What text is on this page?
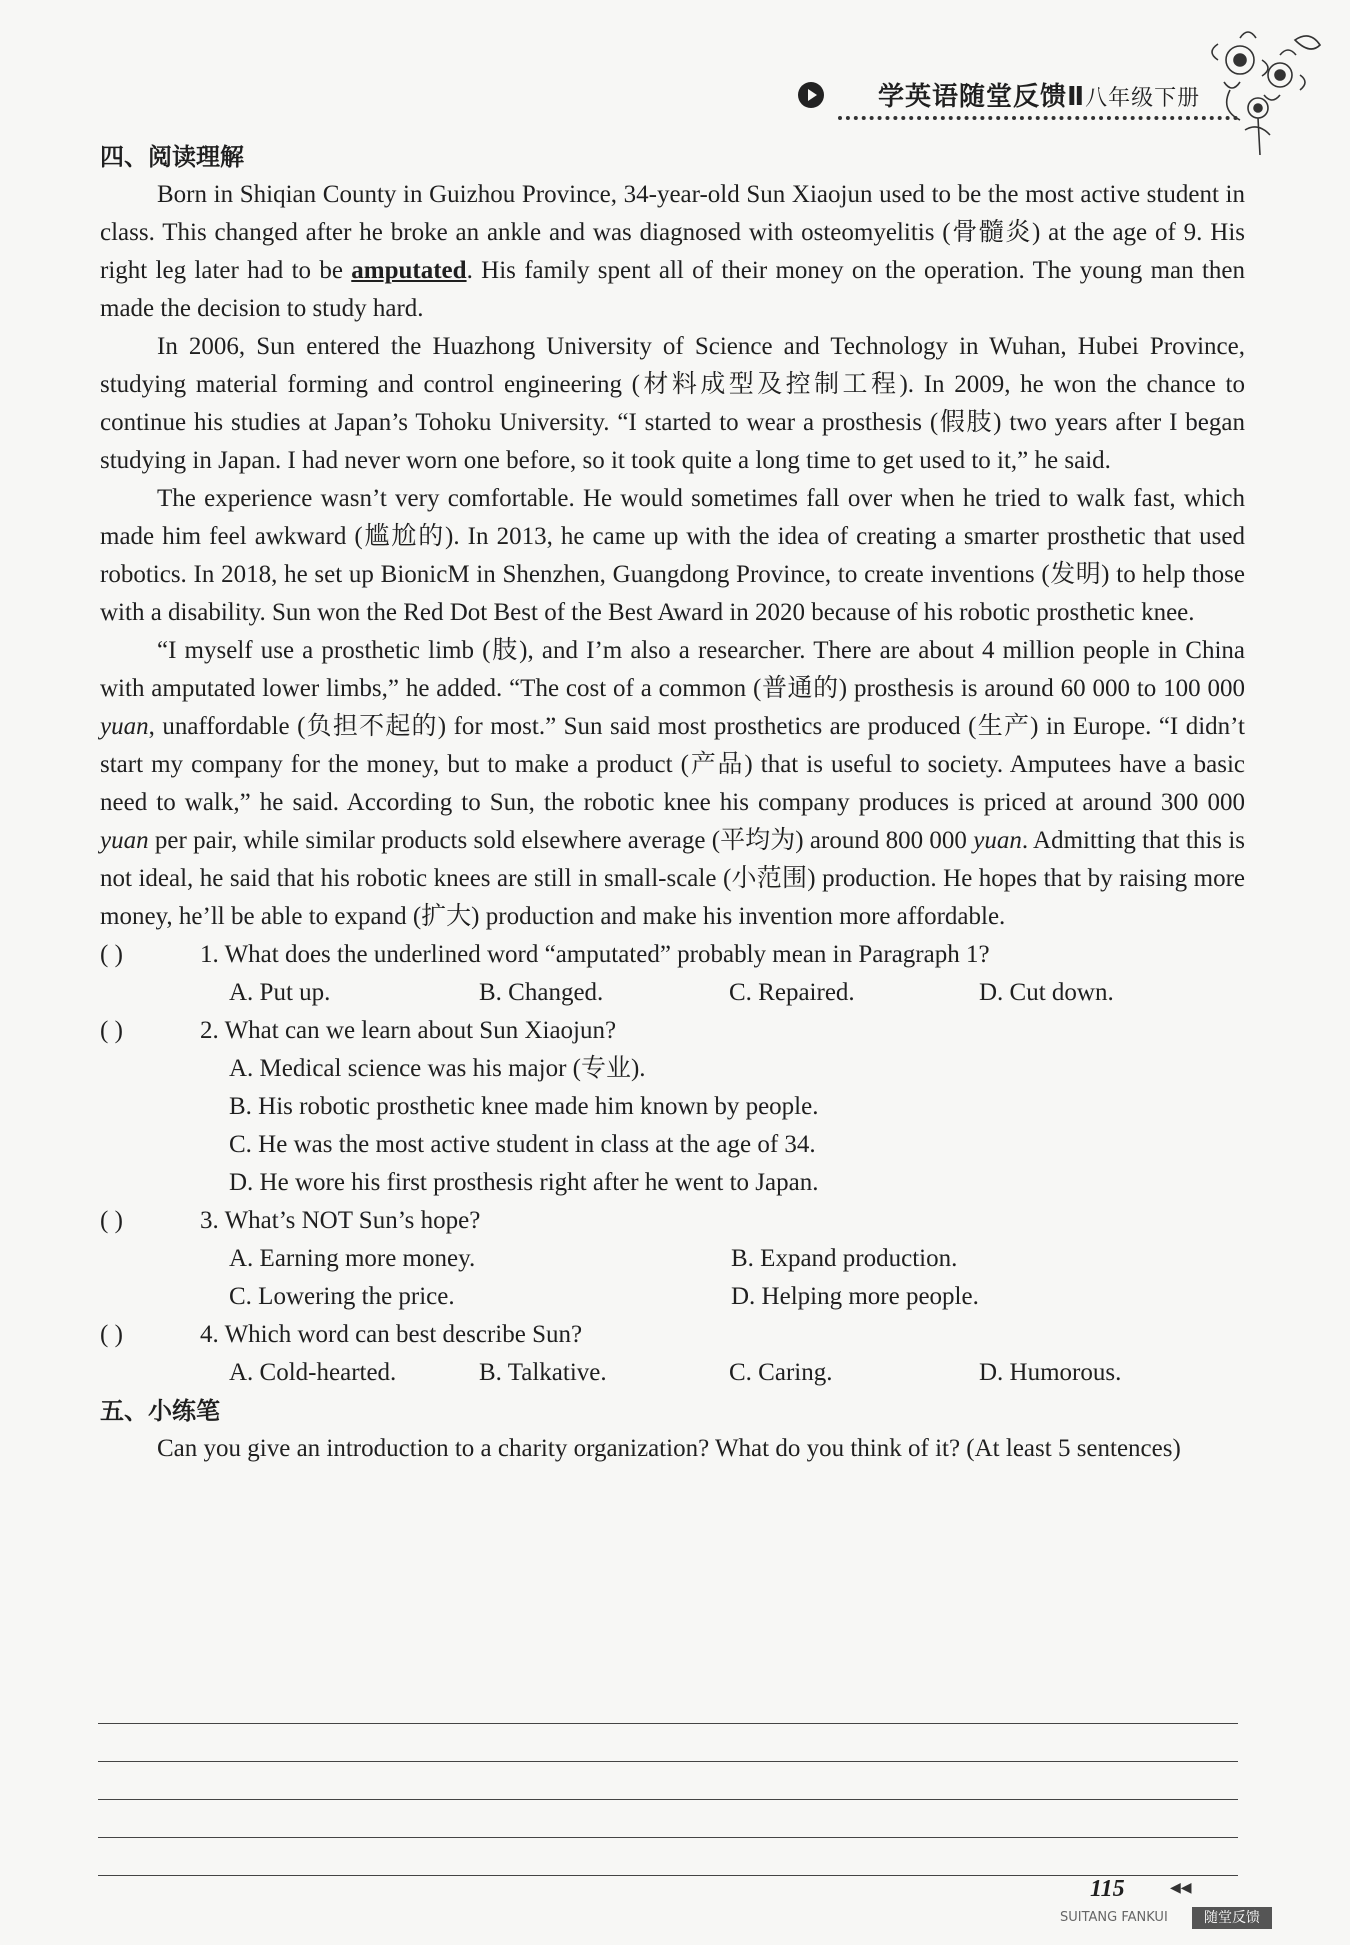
学英语随堂反馈Ⅱ八年级下册

四、阅读理解

Born in Shiqian County in Guizhou Province, 34-year-old Sun Xiaojun used to be the most active student in class. This changed after he broke an ankle and was diagnosed with osteomyelitis (骨髓炎) at the age of 9. His right leg later had to be amputated. His family spent all of their money on the operation. The young man then made the decision to study hard.

In 2006, Sun entered the Huazhong University of Science and Technology in Wuhan, Hubei Province, studying material forming and control engineering (材料成型及控制工程). In 2009, he won the chance to continue his studies at Japan’s Tohoku University. “I started to wear a prosthesis (假肢) two years after I began studying in Japan. I had never worn one before, so it took quite a long time to get used to it,” he said.

The experience wasn’t very comfortable. He would sometimes fall over when he tried to walk fast, which made him feel awkward (尴尬的). In 2013, he came up with the idea of creating a smarter prosthetic that used robotics. In 2018, he set up BionicM in Shenzhen, Guangdong Province, to create inventions (发明) to help those with a disability. Sun won the Red Dot Best of the Best Award in 2020 because of his robotic prosthetic knee.

“I myself use a prosthetic limb (肢), and I’m also a researcher. There are about 4 million people in China with amputated lower limbs,” he added. “The cost of a common (普通的) prosthesis is around 60 000 to 100 000 yuan, unaffordable (负担不起的) for most.” Sun said most prosthetics are produced (生产) in Europe. “I didn’t start my company for the money, but to make a product (产品) that is useful to society. Amputees have a basic need to walk,” he said. According to Sun, the robotic knee his company produces is priced at around 300 000 yuan per pair, while similar products sold elsewhere average (平均为) around 800 000 yuan. Admitting that this is not ideal, he said that his robotic knees are still in small-scale (小范围) production. He hopes that by raising more money, he’ll be able to expand (扩大) production and make his invention more affordable.

( )	1. What does the underlined word “amputated” probably mean in Paragraph 1?

A. Put up.	B. Changed.	C. Repaired.	D. Cut down.

( )	2. What can we learn about Sun Xiaojun?

A. Medical science was his major (专业).
B. His robotic prosthetic knee made him known by people.
C. He was the most active student in class at the age of 34.
D. He wore his first prosthesis right after he went to Japan.

( )	3. What’s NOT Sun’s hope?

A. Earning more money.	B. Expand production.
C. Lowering the price.	D. Helping more people.

( )	4. Which word can best describe Sun?

A. Cold-hearted.	B. Talkative.	C. Caring.	D. Humorous.

五、小练笔

Can you give an introduction to a charity organization? What do you think of it? (At least 5 sentences)

115	◀◀
SUITANG FANKUI	随堂反馈
